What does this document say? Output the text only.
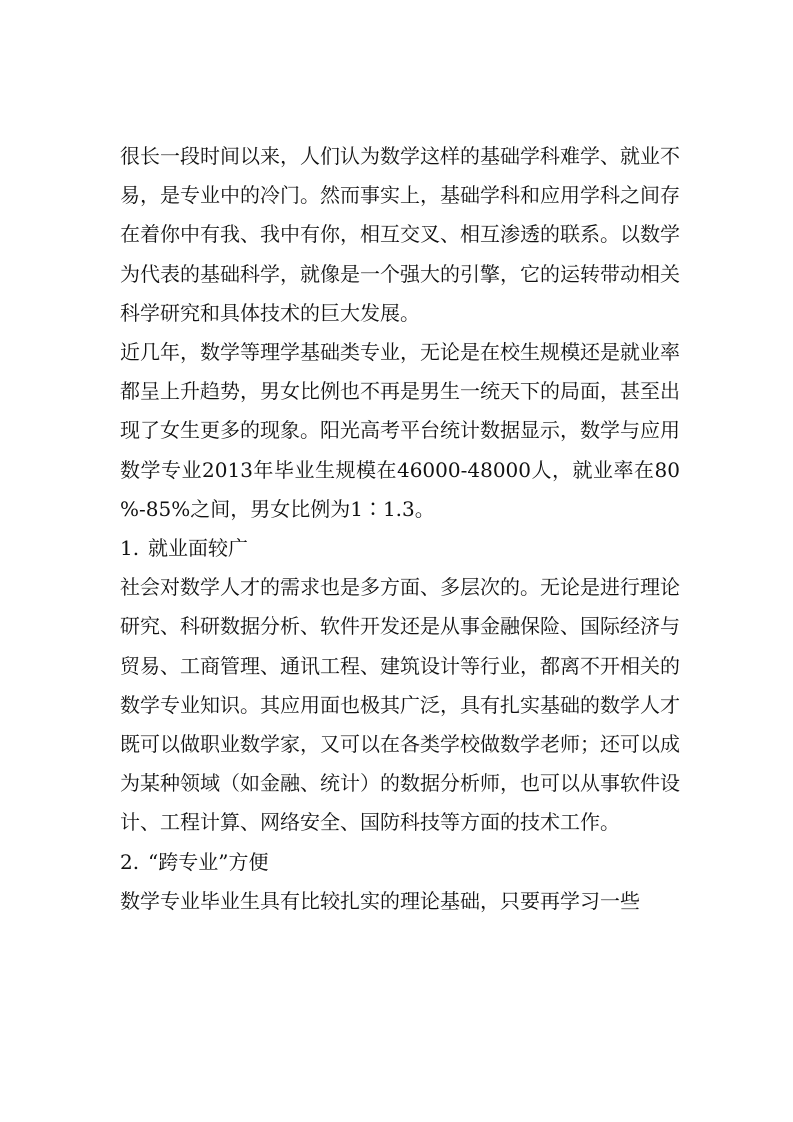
很长一段时间以来，人们认为数学这样的基础学科难学、就业不易，是专业中的冷门。然而事实上，基础学科和应用学科之间存在着你中有我、我中有你，相互交叉、相互渗透的联系。以数学为代表的基础科学，就像是一个强大的引擎，它的运转带动相关科学研究和具体技术的巨大发展。

近几年，数学等理学基础类专业，无论是在校生规模还是就业率都呈上升趋势，男女比例也不再是男生一统天下的局面，甚至出现了女生更多的现象。阳光高考平台统计数据显示，数学与应用数学专业2013年毕业生规模在46000-48000人，就业率在80%-85%之间，男女比例为1∶1.3。

1. 就业面较广

社会对数学人才的需求也是多方面、多层次的。无论是进行理论研究、科研数据分析、软件开发还是从事金融保险、国际经济与贸易、工商管理、通讯工程、建筑设计等行业，都离不开相关的数学专业知识。其应用面也极其广泛，具有扎实基础的数学人才既可以做职业数学家，又可以在各类学校做数学老师；还可以成为某种领域（如金融、统计）的数据分析师，也可以从事软件设计、工程计算、网络安全、国防科技等方面的技术工作。

2. “跨专业”方便

数学专业毕业生具有比较扎实的理论基础，只要再学习一些
